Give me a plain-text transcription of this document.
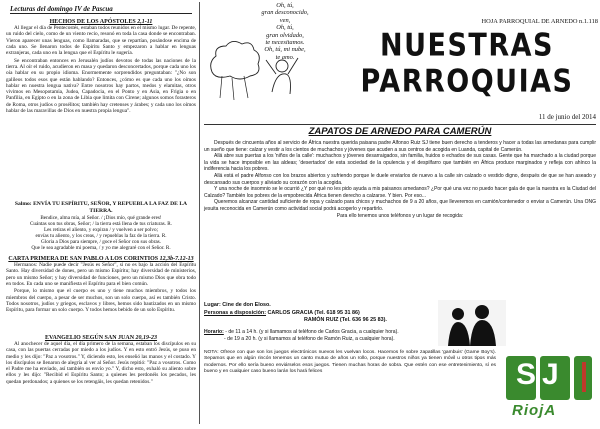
Lecturas del domingo IV de Pascua
HECHOS DE LOS APÓSTOLES 2,1-11

Al llegar el día de Pentecostés, estaban todos reunidos en el mismo lugar. De repente, un ruido del cielo, como de un viento recio, resonó en toda la casa donde se encontraban. Vieron aparecer unas lenguas, como llamaradas, que se repartían, posándose encima de cada uno. Se llenaron todos de Espíritu Santo y empezaron a hablar en lenguas extranjeras, cada uno en la lengua que el Espíritu le sugería.

Se encontraban entonces en Jerusalén judíos devotos de todas las naciones de la tierra. Al oír el ruido, acudieron en masa y quedaron desconcertados, porque cada uno los oía hablar en su propio idioma. Enormemente sorprendidos preguntaban: "¿No son galileos todos esos que están hablando? Entonces, ¿cómo es que cada uno los oímos hablar en nuestra lengua nativa? Entre nosotros hay partos, medos y elamitas, otros vivimos en Mesopotamia, Judea, Capadocia, en el Ponto y en Asia, en Frigia o en Panfilia, en Egipto o en la zona de Libia que limita con Cirene; algunos somos forasteros de Roma, otros judíos o prosélitos; también hay cretenses y árabes; y cada uno los oímos hablar de las maravillas de Dios en nuestra propia lengua".

Salmo: ENVÍA TU ESPÍRITU, SEÑOR, Y REPUEBLA LA FAZ DE LA TIERRA.
Bendice, alma mía, al Señor. / ¡Dios mío, qué grande eres!
Cuántas son tus obras, Señor; / la tierra está llena de tus criaturas. R.
Les retiras el aliento, y expiran / y vuelven a ser polvo;
envías tu aliento, y los creas, / y repueblas la faz de la tierra. R.
Gloria a Dios para siempre, / goce el Señor con sus obras.
Que le sea agradable mi poema, / y yo me alegraré con el Señor. R.
CARTA PRIMERA DE SAN PABLO A LOS CORINTIOS 12,3b-7.12-13

Hermanos: Nadie puede decir "Jesús es Señor", si no es bajo la acción del Espíritu Santo. Hay diversidad de dones, pero un mismo Espíritu; hay diversidad de ministerios, pero un mismo Señor; y hay diversidad de funciones, pero un mismo Dios que obra todo en todos. En cada uno se manifiesta el Espíritu para el bien común.

Porque, lo mismo que el cuerpo es uno y tiene muchos miembros, y todos los miembros del cuerpo, a pesar de ser muchos, son un solo cuerpo, así es también Cristo. Todos nosotros, judíos y griegos, esclavos y libres, hemos sido bautizados en un mismo Espíritu, para formar un solo cuerpo. Y todos hemos bebido de un solo Espíritu.

EVANGELIO SEGÚN SAN JUAN 20,19-23

Al anochecer de aquel día, el día primero de la semana, estaban los discípulos en su casa, con las puertas cerradas por miedo a los judíos. Y en esto entró Jesús, se puso en medio y les dijo: "Paz a vosotros." Y, diciendo esto, les enseñó las manos y el costado. Y los discípulos se llenaron de alegría al ver al Señor. Jesús repitió: "Paz a vosotros. Como el Padre me ha enviado, así también os envío yo." Y, dicho esto, exhaló su aliento sobre ellos y les dijo: "Recibid el Espíritu Santo; a quienes les perdonéis los pecados, les quedan perdonados; a quienes se los retengáis, les quedan retenidos."

Oh, tú,
gran desconocido,
ven,
Oh, tú,
gran olvidado,
te necesitamos.
Oh, tú, mi nube,
te amo.
HOJA PARROQUIAL DE ARNEDO n.1.118
NUESTRAS
PARROQUIAS
11 de junio del 2014
ZAPATOS DE ARNEDO PARA CAMERÚN

Después de cincuenta años al servicio de África nuestra querida paisana padre Alfonso Ruiz SJ tiene buen derecho a tenderos y hacer a todas las arnedanas para cumplir un sueño que tiene: calzar y vestir a los cientos de muchachos y jóvenes que acuden a sus centros de acogida en Luanda, capital de Camerún.

Allá abre sus puertas a los 'niños de la calle': muchachos y jóvenes desarraigados, sin familia, huidos o echados de sus casas. Gente que ha marchado a la ciudad porque la vida se hace imposible en las aldeas; 'desertados' de esta sociedad de la opulencia y el despilfarro que también en África produce marginados y refleja con ahínco la indiferencia hacia los pobres.

Allá está el padre Alfonso con los brazos abiertos y sufriendo porque le duele enviarlos de nuevo a la calle sin calzado o vestido digno, después de que se han aseado y descansado sus cuerpos y aliviado su corazón con la acogida.

Y una noche de insomnio se le ocurrió ¿Y por qué no les pido ayuda a mis paisanos arnedanos? ¿Por qué una vez no puedo hacer gala de que la nuestra es la Ciudad del Calzado? También los pobres de la empobrecida África tienen derecho a calzarse. Y bien. Por eso...

Queremos alcanzar cantidad suficiente de ropa y calzado para chicos y muchachos de 9 a 20 años, que lleveremos en camión/contenedor o enviar a Camerún. Una ONG jesuita reconocida en Camerún como actividad social podrá acogerlo y repartirlo.

Para ello tenemos unos teléfonos y un lugar de recogida:

Lugar: Cine de don Eloso.
Personas a disposición: CARLOS GRACIA (Tel. 618 95 31 86)
RAMÓN RUIZ (Tel. 636 96 25 83).
Horario: - de 11 a 14 h. (y si llamamos al teléfono de Carlos Gracia, a cualquier hora).
- de 19 a 20 h. (y si llamamos al teléfono de Ramón Ruiz, a cualquier hora).
NOTA: Ofrece con que son los juegos electrónicos nuevos les vuelvan locos. Hacemos fe sobre zapatillas 'gambuis' (Game Boy's). Sepamos que en algún rincón tenemos un canto mutuo de años un rollo, porque nuestros niños ya tienen móvil u otros tipos más modernos. Por ello sería bueno enviárselos esos juegos. Tienen muchas horas de sobra. Que estén con ese entretenimiento, sí es bueno y en cualquier caso bueno larán los hará felices	SJ
RiojA
